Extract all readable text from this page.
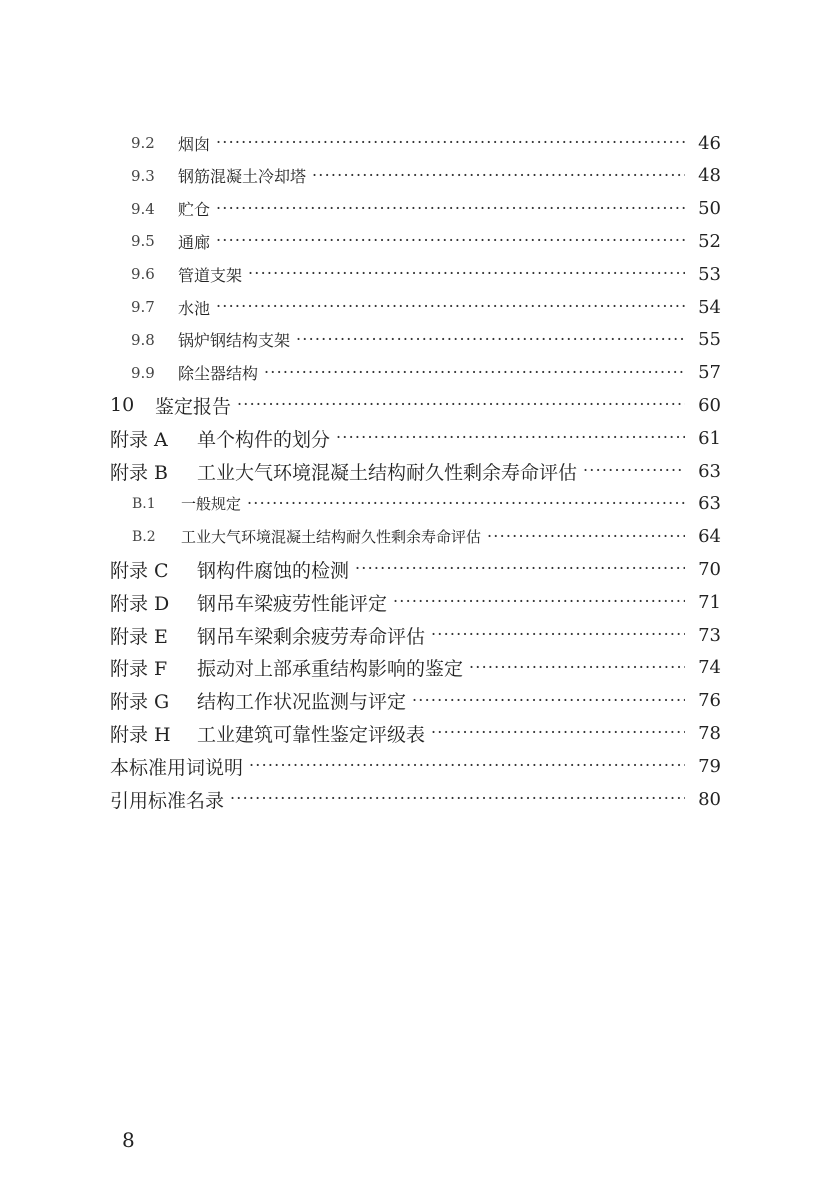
9.2	烟囱 ·····	46
9.3	钢筋混凝土冷却塔 ·····	48
9.4	贮仓 ·····	50
9.5	通廊 ·····	52
9.6	管道支架 ·····	53
9.7	水池 ·····	54
9.8	锅炉钢结构支架 ·····	55
9.9	除尘器结构 ·····	57
10	鉴定报告 ·····	60
附录 A	单个构件的划分 ·····	61
附录 B	工业大气环境混凝土结构耐久性剩余寿命评估 ·····	63
B.1	一般规定 ·····	63
B.2	工业大气环境混凝土结构耐久性剩余寿命评估 ·····	64
附录 C	钢构件腐蚀的检测 ·····	70
附录 D	钢吊车梁疲劳性能评定 ·····	71
附录 E	钢吊车梁剩余疲劳寿命评估 ·····	73
附录 F	振动对上部承重结构影响的鉴定 ·····	74
附录 G	结构工作状况监测与评定 ·····	76
附录 H	工业建筑可靠性鉴定评级表 ·····	78
本标准用词说明 ·····	79
引用标准名录 ·····	80
8
